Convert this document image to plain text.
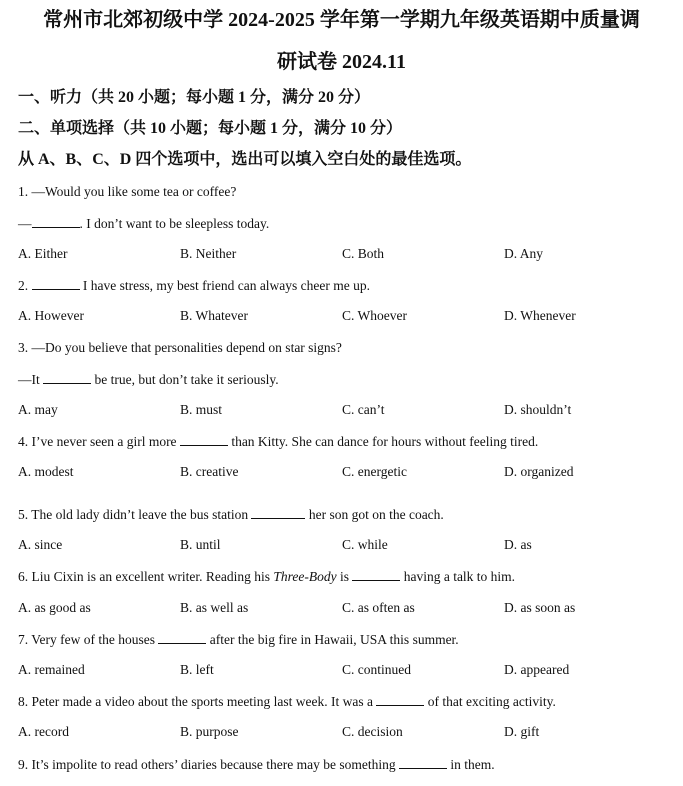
常州市北郊初级中学 2024-2025 学年第一学期九年级英语期中质量调
研试卷 2024.11
一、听力（共 20 小题；每小题 1 分，满分 20 分）
二、单项选择（共 10 小题；每小题 1 分，满分 10 分）
从 A、B、C、D 四个选项中，选出可以填入空白处的最佳选项。
1. —Would you like some tea or coffee?
—	. I don’t want to be sleepless today.
A. Either	B. Neither	C. Both	D. Any
2.	I have stress, my best friend can always cheer me up.
A. However	B. Whatever	C. Whoever	D. Whenever
3. —Do you believe that personalities depend on star signs?
—It	be true, but don’t take it seriously.
A. may	B. must	C. can’t	D. shouldn’t
4. I’ve never seen a girl more	than Kitty. She can dance for hours without feeling tired.
A. modest	B. creative	C. energetic	D. organized
5. The old lady didn’t leave the bus station	her son got on the coach.
A. since	B. until	C. while	D. as
6. Liu Cixin is an excellent writer. Reading his Three-Body is	having a talk to him.
A. as good as	B. as well as	C. as often as	D. as soon as
7. Very few of the houses	after the big fire in Hawaii, USA this summer.
A. remained	B. left	C. continued	D. appeared
8. Peter made a video about the sports meeting last week. It was a	of that exciting activity.
A. record	B. purpose	C. decision	D. gift
9. It’s impolite to read others’ diaries because there may be something	in them.
